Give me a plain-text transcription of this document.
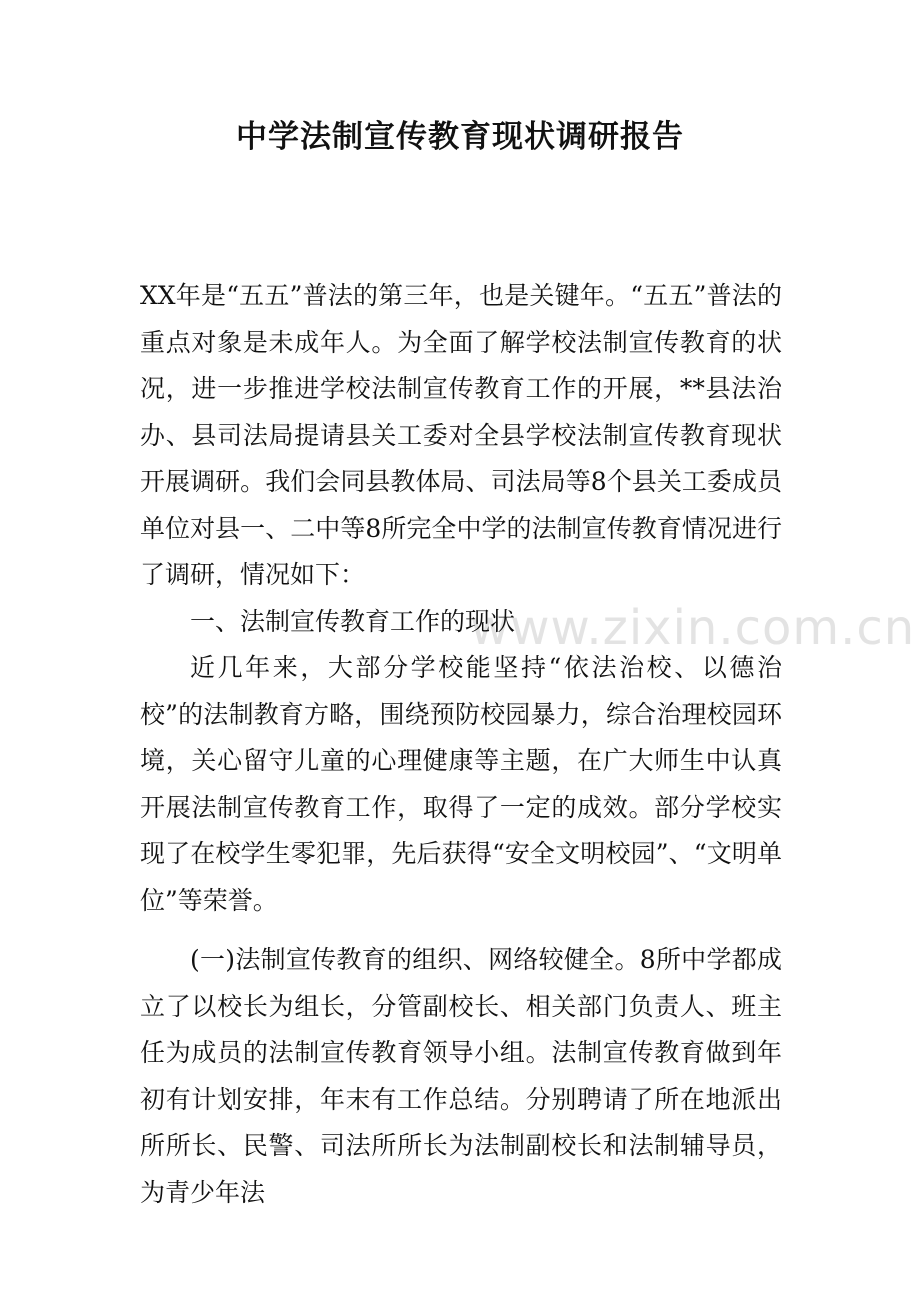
www.zixin.com.cn
中学法制宣传教育现状调研报告

XX年是“五五”普法的第三年，也是关键年。“五五”普法的重点对象是未成年人。为全面了解学校法制宣传教育的状况，进一步推进学校法制宣传教育工作的开展，**县法治办、县司法局提请县关工委对全县学校法制宣传教育现状开展调研。我们会同县教体局、司法局等8个县关工委成员单位对县一、二中等8所完全中学的法制宣传教育情况进行了调研，情况如下：

一、法制宣传教育工作的现状

近几年来，大部分学校能坚持“依法治校、以德治校”的法制教育方略，围绕预防校园暴力，综合治理校园环境，关心留守儿童的心理健康等主题，在广大师生中认真开展法制宣传教育工作，取得了一定的成效。部分学校实现了在校学生零犯罪，先后获得“安全文明校园”、“文明单位”等荣誉。

(一)法制宣传教育的组织、网络较健全。8所中学都成立了以校长为组长，分管副校长、相关部门负责人、班主任为成员的法制宣传教育领导小组。法制宣传教育做到年初有计划安排，年末有工作总结。分别聘请了所在地派出所所长、民警、司法所所长为法制副校长和法制辅导员，为青少年法
